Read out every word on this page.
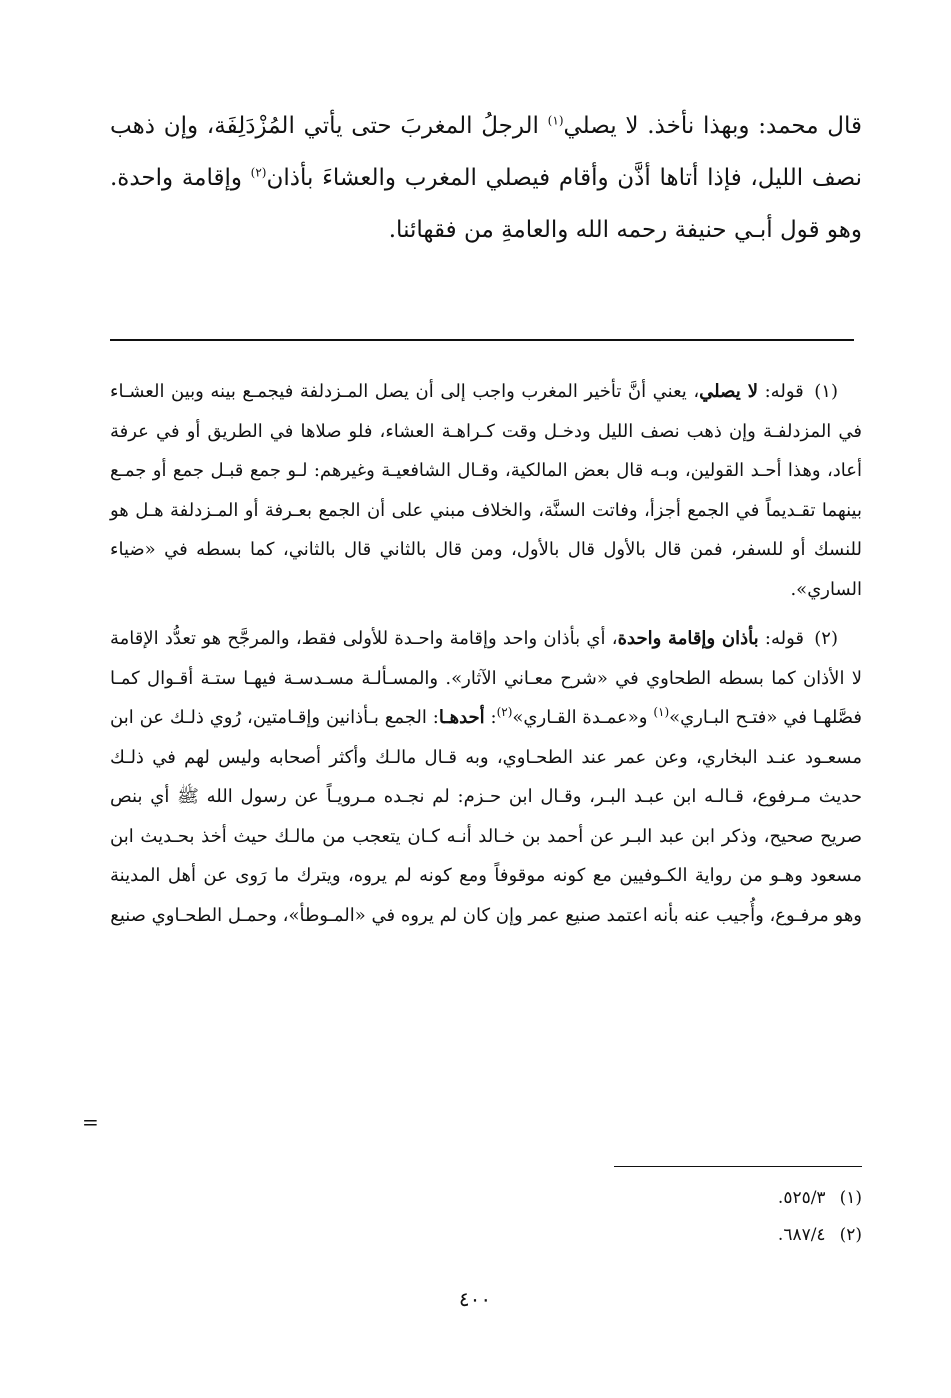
قال محمد: وبهذا نأخذ. لا يصلي$^{(١)}$ الرجلُ المغربَ حتى يأتي المُزْدَلِفَة، وإن ذهب نصف الليل، فإذا أتاها أذَّن وأقام فيصلي المغرب والعشاءَ بأذان$^{(٢)}$ وإقامة واحدة. وهو قول أبـي حنيفة رحمه الله والعامةِ من فقهائنا.

(١) قوله: لا يصلي، يعني أنَّ تأخير المغرب واجب إلى أن يصل المـزدلفة فيجمـع بينه وبين العشـاء في المزدلفـة وإن ذهب نصف الليل ودخـل وقت كـراهـة العشاء، فلو صلاها في الطريق أو في عرفة أعاد، وهذا أحـد القولين، وبـه قال بعض المالكية، وقـال الشافعيـة وغيرهم: لـو جمع قبـل جمع أو جمـع بينهما تقـديماً في الجمع أجزأ، وفاتت السنَّة، والخلاف مبني على أن الجمع بعـرفة أو المـزدلفة هـل هو للنسك أو للسفر، فمن قال بالأول قال بالأول، ومن قال بالثاني قال بالثاني، كما بسطه في «ضياء الساري».

(٢) قوله: بأذان وإقامة واحدة، أي بأذان واحد وإقامة واحـدة للأولى فقط، والمرجَّح هو تعدُّد الإقامة لا الأذان كما بسطه الطحاوي في «شرح معـاني الآثار». والمسـألـة مسـدسـة فيهـا ستـة أقـوال كمـا فصَّلهـا في «فتـح البـاري»$^{(١)}$ و«عمـدة القـاري»$^{(٢)}$: أحدهـا: الجمع بـأذانين وإقـامتين، رُوي ذلـك عن ابن مسعـود عنـد البخاري، وعن عمر عند الطحـاوي، وبه قـال مالـك وأكثر أصحابه وليس لهم في ذلـك حديث مـرفوع، قـالـه ابن عبـد البـر، وقـال ابن حـزم: لم نجـده مـرويـاً عن رسول الله ﷺ أي بنص صريح صحيح، وذكر ابن عبد البـر عن أحمد بن خـالد أنـه كـان يتعجب من مالـك حيث أخذ بحـديث ابن مسعود وهـو من رواية الكـوفيين مع كونه موقوفاً ومع كونه لم يروه، ويترك ما رَوى عن أهل المدينة وهو مرفـوع، وأُجيب عنه بأنه اعتمد صنيع عمر وإن كان لم يروه في «المـوطأ»، وحمـل الطحـاوي صنيع

=
(١)٥٢٥/٣.
(٢)٦٨٧/٤.
٤٠٠
